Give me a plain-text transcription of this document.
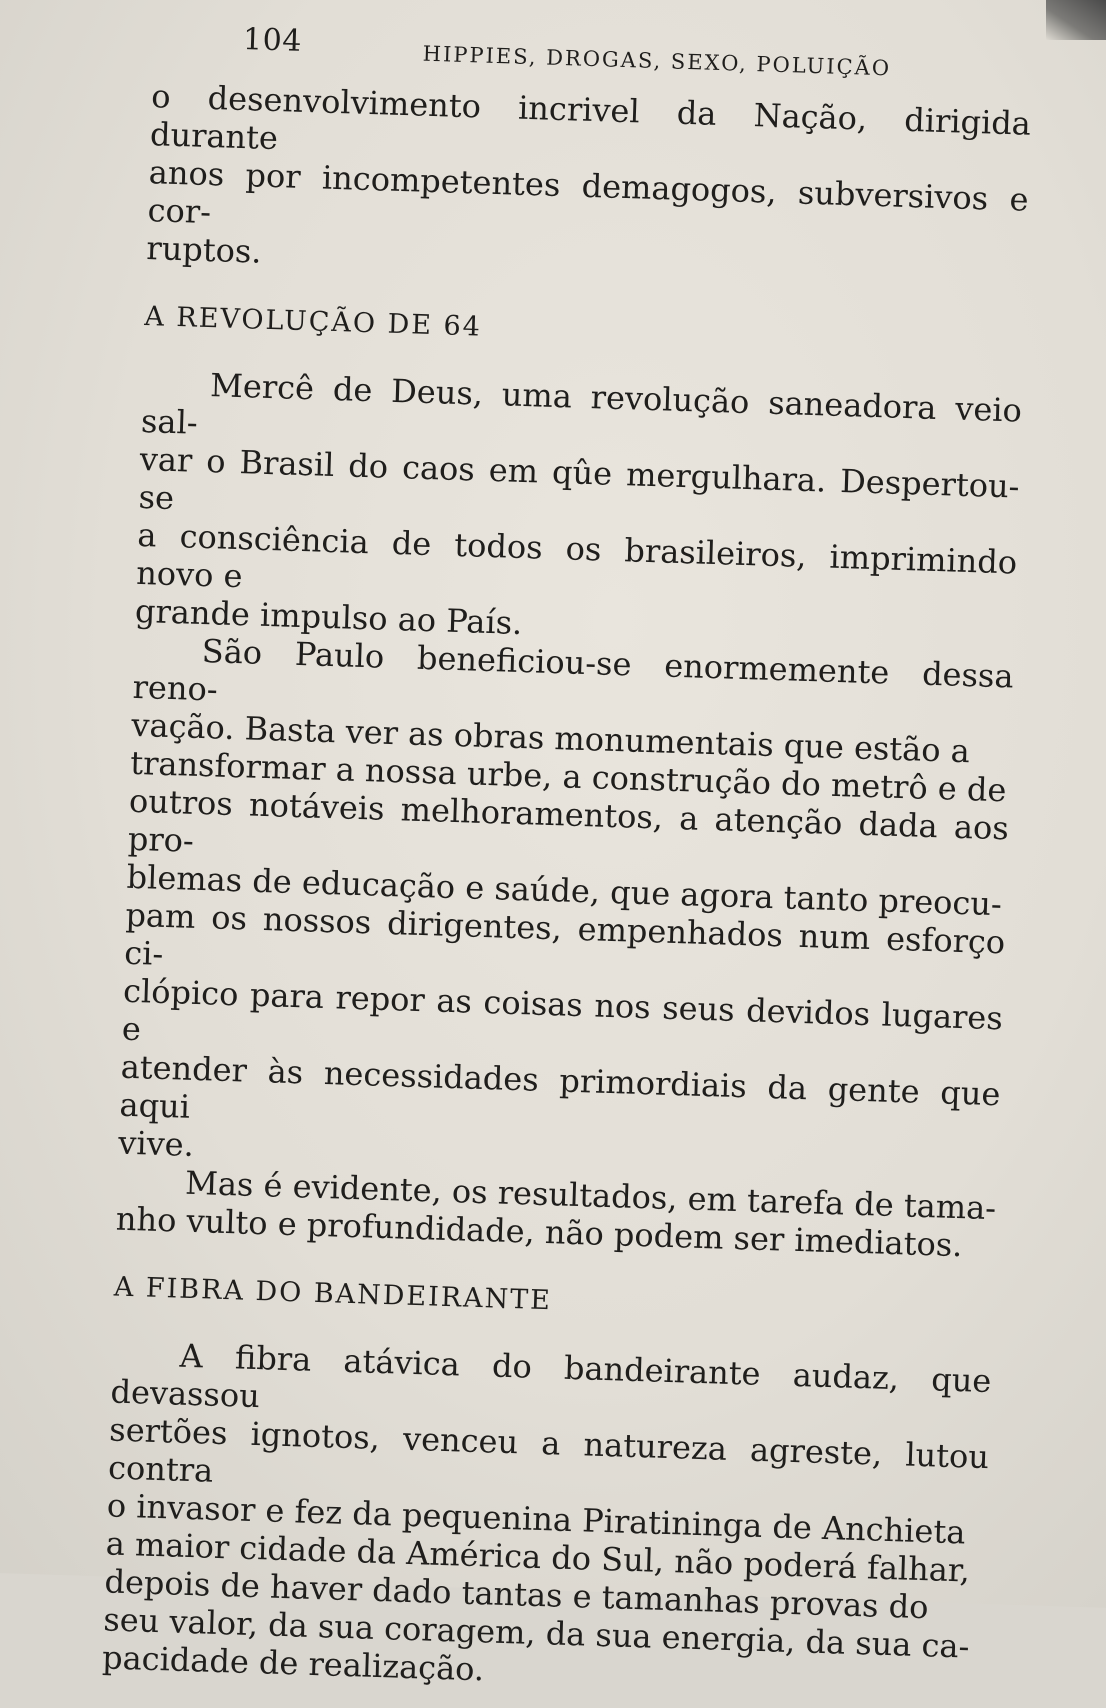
104
HIPPIES, DROGAS, SEXO, POLUIÇÃO

o desenvolvimento incrivel da Nação, dirigida durante
anos por incompetentes demagogos, subversivos e cor-
ruptos.

A REVOLUÇÃO DE 64

Mercê de Deus, uma revolução saneadora veio sal-
var o Brasil do caos em qûe mergulhara. Despertou-se
a consciência de todos os brasileiros, imprimindo novo e
grande impulso ao País.

São Paulo beneficiou-se enormemente dessa reno-
vação. Basta ver as obras monumentais que estão a
transformar a nossa urbe, a construção do metrô e de
outros notáveis melhoramentos, a atenção dada aos pro-
blemas de educação e saúde, que agora tanto preocu-
pam os nossos dirigentes, empenhados num esforço ci-
clópico para repor as coisas nos seus devidos lugares e
atender às necessidades primordiais da gente que aqui
vive.

Mas é evidente, os resultados, em tarefa de tama-
nho vulto e profundidade, não podem ser imediatos.

A FIBRA DO BANDEIRANTE

A fibra atávica do bandeirante audaz, que devassou
sertões ignotos, venceu a natureza agreste, lutou contra
o invasor e fez da pequenina Piratininga de Anchieta
a maior cidade da América do Sul, não poderá falhar,
depois de haver dado tantas e tamanhas provas do
seu valor, da sua coragem, da sua energia, da sua ca-
pacidade de realização.
